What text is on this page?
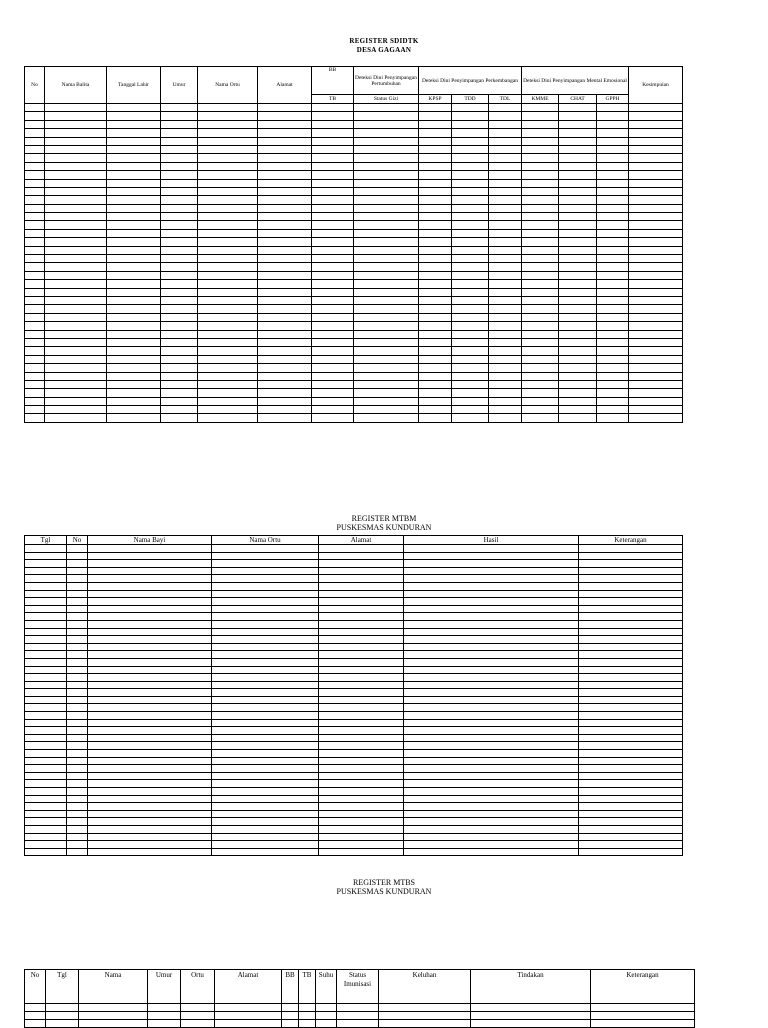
REGISTER SDIDTK
DESA GAGAAN
No	Nama Balita	Tanggal Lahir	Umur	Nama Ortu	Alamat	BB	Deteksi Dini Penyimpangan Pertumbuhan	Deteksi Dini Penyimpangan Perkembangan			Deteksi Dini Penyimpangan Mental Emosional			Kesimpulan
						TB	Status Gizi	KPSP	TDD	TDL	KMME	CHAT	GPPH	

REGISTER MTBM
PUSKESMAS KUNDURAN
Tgl	No	Nama Bayi	Nama Ortu	Alamat	Hasil	Keterangan

REGISTER MTBS
PUSKESMAS KUNDURAN
No	Tgl	Nama	Umur	Ortu	Alamat	BB	TB	Suhu	Status Imunisasi	Keluhan	Tindakan	Keterangan
